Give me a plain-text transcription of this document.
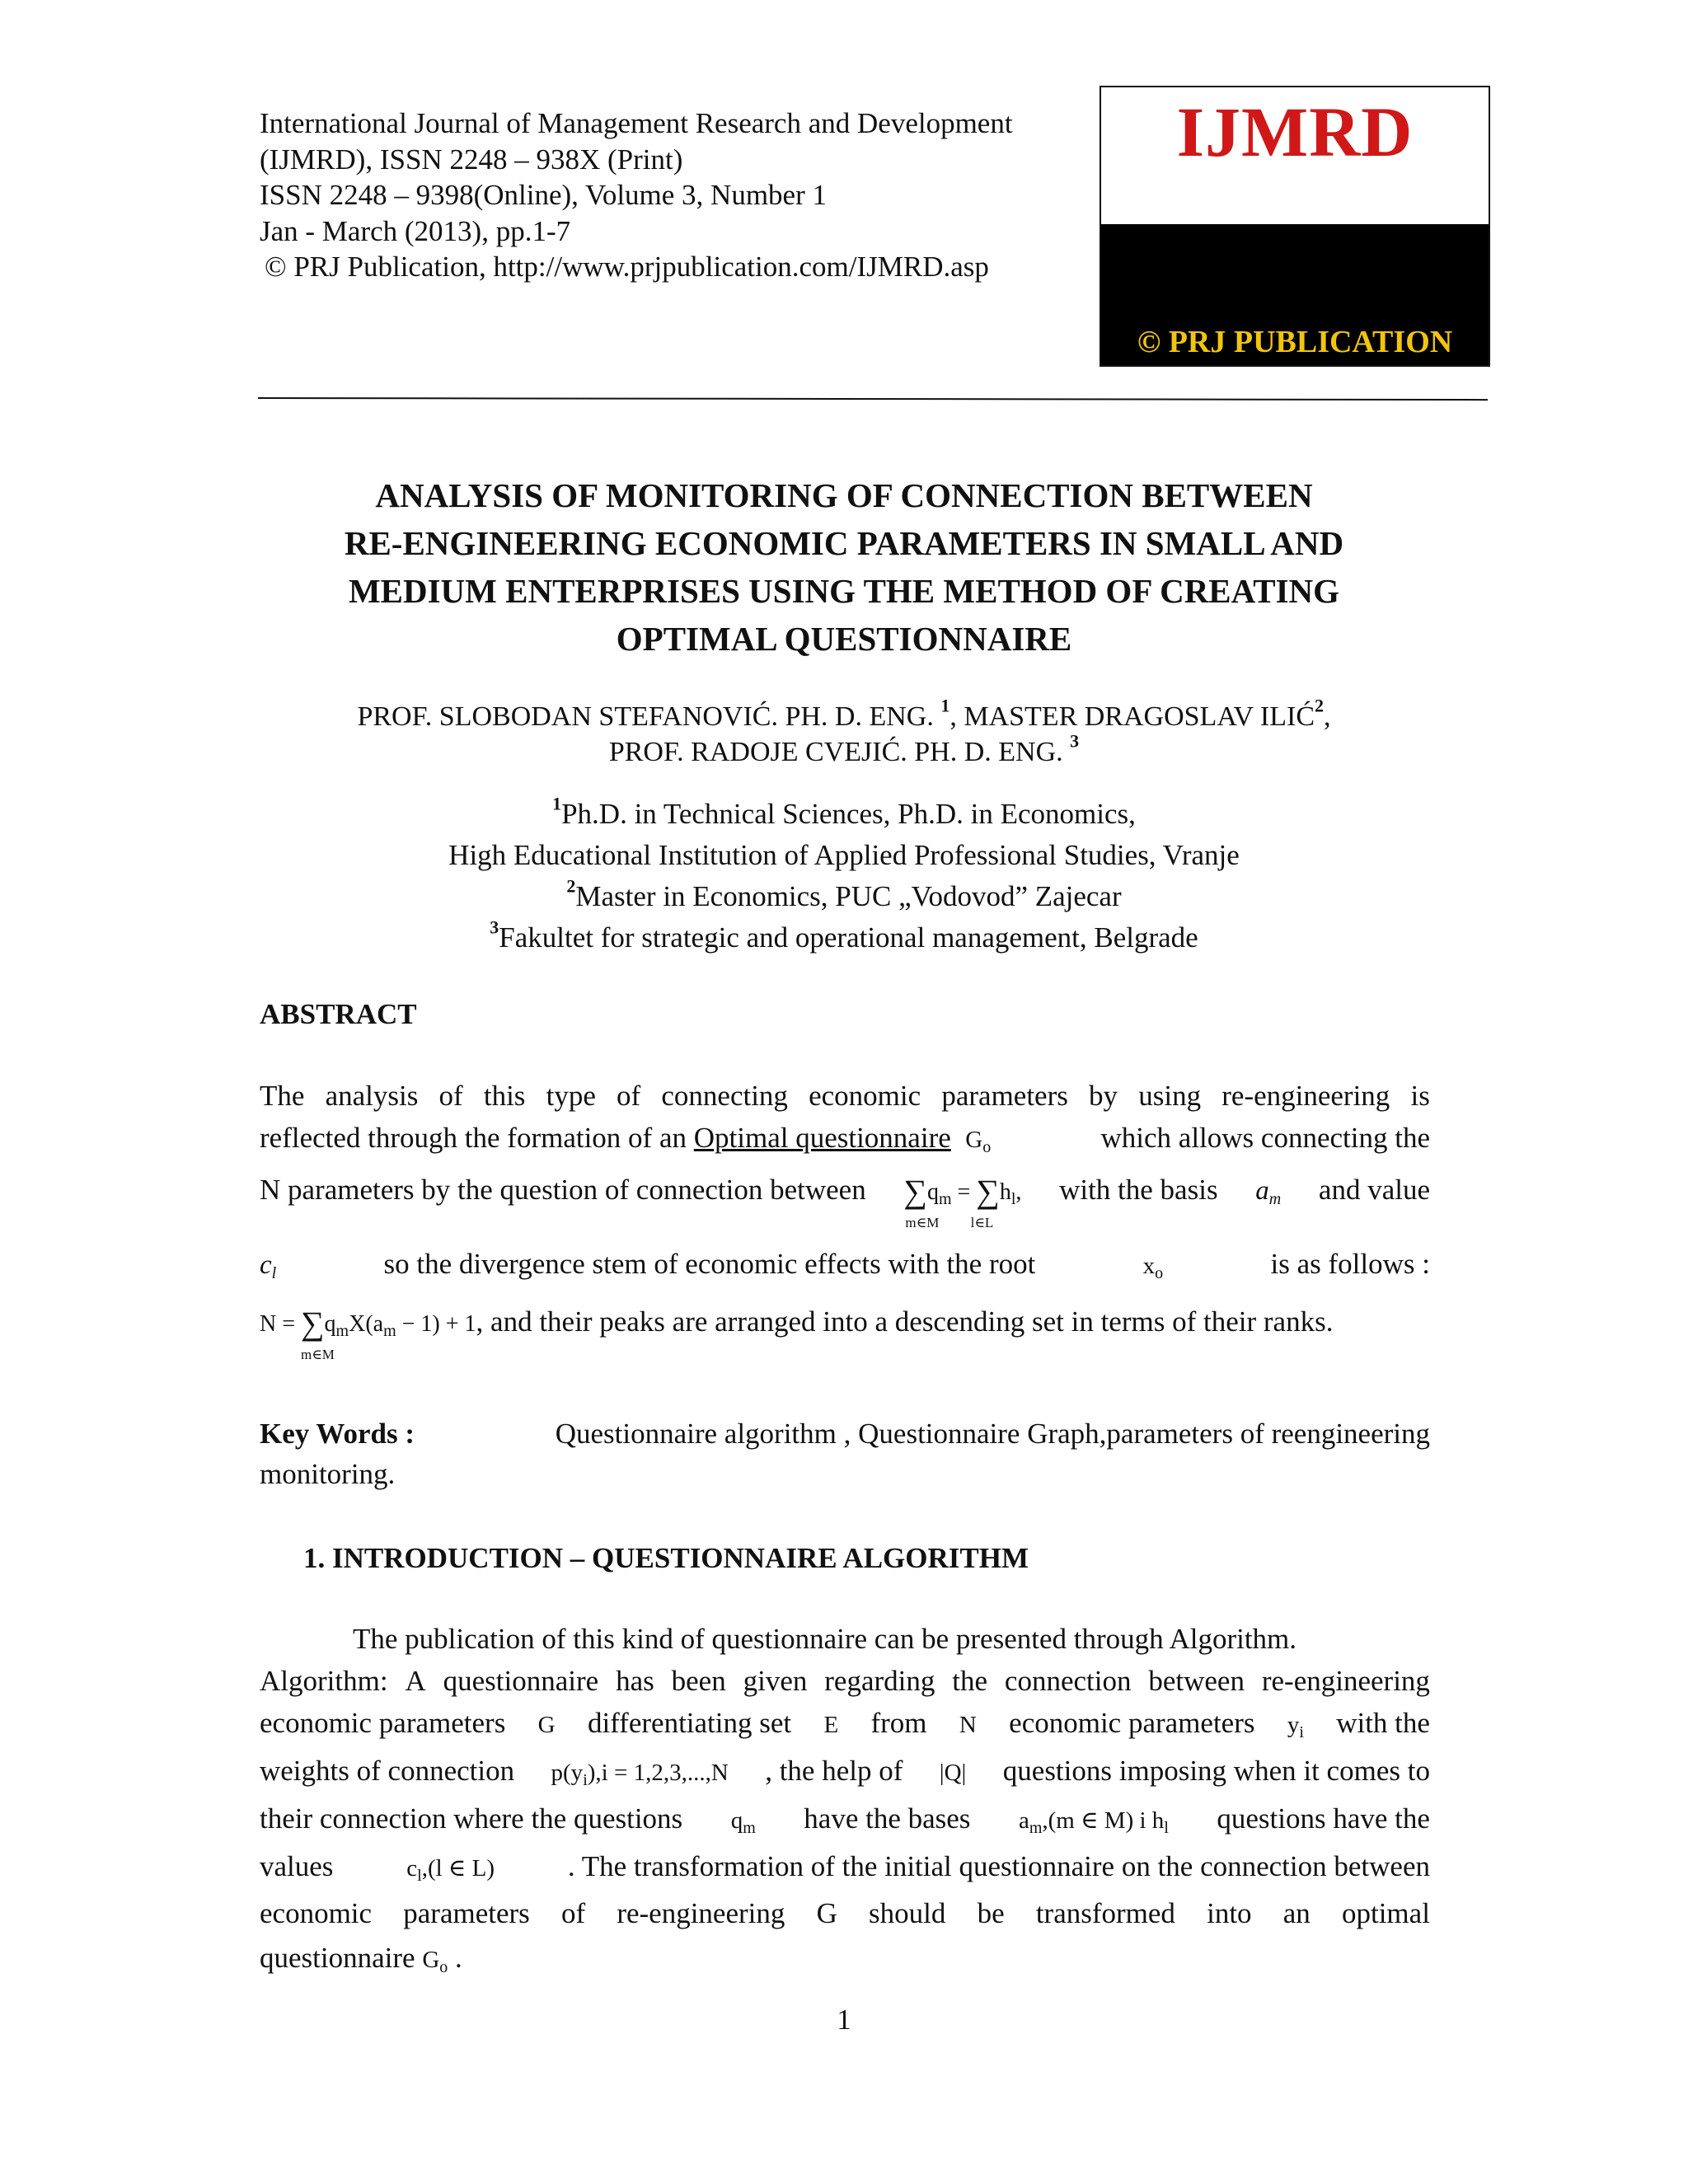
International Journal of Management Research and Development
(IJMRD), ISSN 2248 – 938X (Print)
ISSN 2248 – 9398(Online), Volume 3, Number 1
Jan - March (2013), pp.1-7
© PRJ Publication, http://www.prjpublication.com/IJMRD.asp
IJMRD
© PRJ PUBLICATION
ANALYSIS OF MONITORING OF CONNECTION BETWEEN
RE-ENGINEERING ECONOMIC PARAMETERS IN SMALL AND
MEDIUM ENTERPRISES USING THE METHOD OF CREATING
OPTIMAL QUESTIONNAIRE
PROF. SLOBODAN STEFANOVIĆ. PH. D. ENG. $^1$, MASTER DRAGOSLAV ILIĆ$^2$,
PROF. RADOJE CVEJIĆ. PH. D. ENG. $^3$
$^1$Ph.D. in Technical Sciences, Ph.D. in Economics,
High Educational Institution of Applied Professional Studies, Vranje
$^2$Master in Economics, PUC „Vodovod” Zajecar
$^3$Fakultet for strategic and operational management, Belgrade
ABSTRACT
The analysis of this type of connecting economic parameters by using re-engineering is
reflected through the formation of an Optimal questionnaire $G_o$	which allows connecting the
N parameters by the question of connection between $\sum q_m = \sum h_l$,
m∈M         l∈L
with the basis $a_m$ and value
$c_l$	so the divergence stem of economic effects with the root	$x_o$	is as follows :
$N = \sum q_mX(a_m - 1) + 1$
m∈M
, and their peaks are arranged into a descending set in terms of their ranks.
Key Words :	Questionnaire algorithm , Questionnaire Graph,parameters of reengineering
monitoring.
1. INTRODUCTION – QUESTIONNAIRE ALGORITHM
The publication of this kind of questionnaire can be presented through Algorithm.
Algorithm: A questionnaire has been given regarding the connection between re-engineering
economic parameters G differentiating set E from N economic parameters $y_i$ with the
weights of connection $p(y_i),i = 1,2,3,...,N$ , the help of |Q| questions imposing when it comes to
their connection where the questions $q_m$ have the bases $a_m,(m$ ∈ M) i $h_l$ questions have the
values	$c_l,(l$ ∈ L)	. The transformation of the initial questionnaire on the connection between
economic parameters of re-engineering G should be transformed into an optimal
questionnaire $G_o$ .
1
